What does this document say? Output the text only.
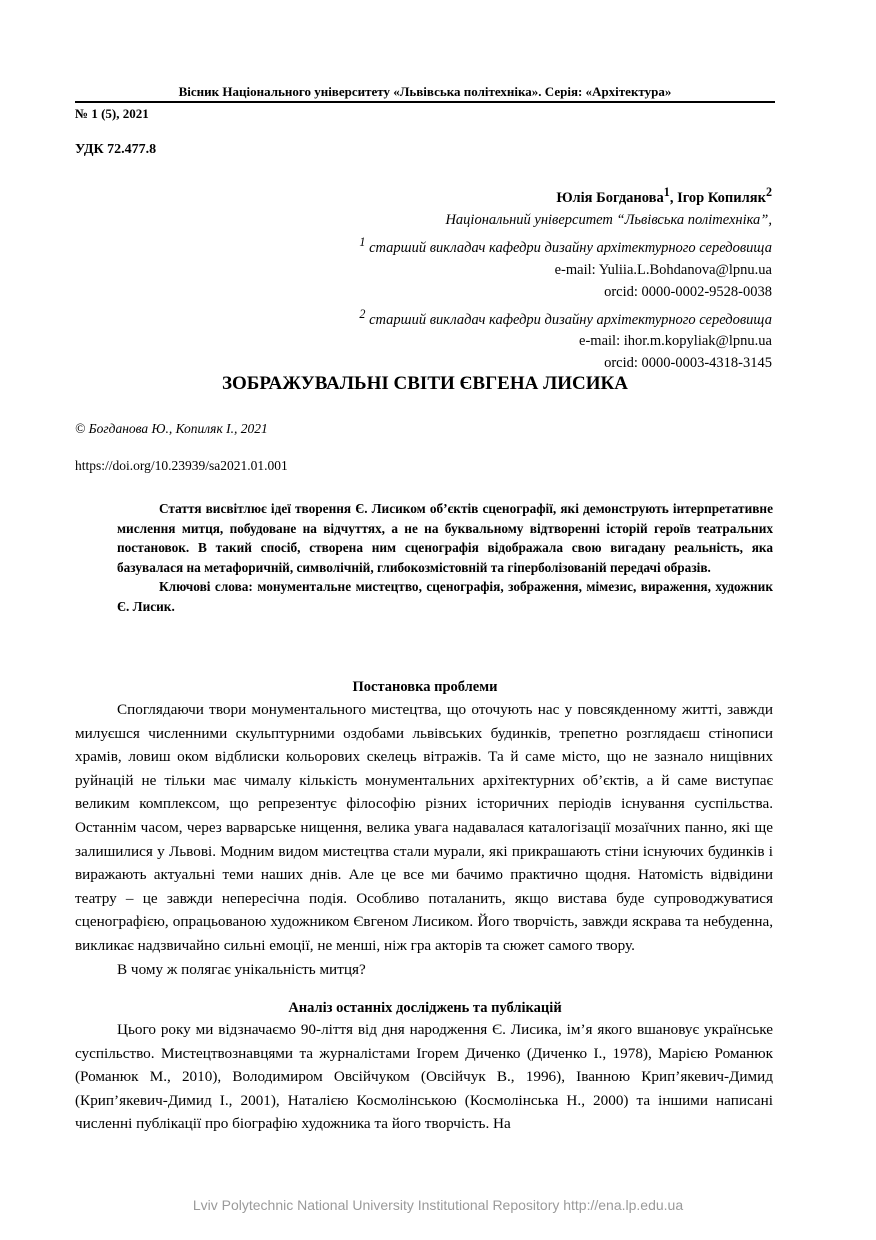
Вісник Національного університету «Львівська політехніка». Серія: «Архітектура»
№ 1 (5), 2021
УДК 72.477.8
Юлія Богданова$^1$, Ігор Копиляк$^2$
Національний університет “Львівська політехніка”,
$^1$ старший викладач кафедри дизайну архітектурного середовища
e-mail: Yuliia.L.Bohdanova@lpnu.ua
orcid: 0000-0002-9528-0038
$^2$ старший викладач кафедри дизайну архітектурного середовища
e-mail: ihor.m.kopyliak@lpnu.ua
orcid: 0000-0003-4318-3145
ЗОБРАЖУВАЛЬНІ СВІТИ ЄВГЕНА ЛИСИКА
© Богданова Ю., Копиляк І., 2021
https://doi.org/10.23939/sa2021.01.001

Стаття висвітлює ідеї творення Є. Лисиком об’єктів сценографії, які демонструють інтерпретативне мислення митця, побудоване на відчуттях, а не на буквальному відтворенні історій героїв театральних постановок. В такий спосіб, створена ним сценографія відображала свою вигадану реальність, яка базувалася на метафоричній, символічній, глибокозмістовній та гіперболізованій передачі образів.

Ключові слова: монументальне мистецтво, сценографія, зображення, мімезис, вираження, художник Є. Лисик.

Постановка проблеми

Споглядаючи твори монументального мистецтва, що оточують нас у повсякденному житті, завжди милуєшся численними скульптурними оздобами львівських будинків, трепетно розглядаєш стінописи храмів, ловиш оком відблиски кольорових скелець вітражів. Та й саме місто, що не зазнало нищівних руйнацій не тільки має чималу кількість монументальних архітектурних об’єктів, а й саме виступає великим комплексом, що репрезентує філософію різних історичних періодів існування суспільства. Останнім часом, через варварське нищення, велика увага надавалася каталогізації мозаїчних панно, які ще залишилися у Львові. Модним видом мистецтва стали мурали, які прикрашають стіни існуючих будинків і виражають актуальні теми наших днів. Але це все ми бачимо практично щодня. Натомість відвідини театру – це завжди непересічна подія. Особливо поталанить, якщо вистава буде супроводжуватися сценографією, опрацьованою художником Євгеном Лисиком. Його творчість, завжди яскрава та небуденна, викликає надзвичайно сильні емоції, не менші, ніж гра акторів та сюжет самого твору.

В чому ж полягає унікальність митця?

Аналіз останніх досліджень та публікацій

Цього року ми відзначаємо 90-ліття від дня народження Є. Лисика, ім’я якого вшановує українське суспільство. Мистецтвознавцями та журналістами Ігорем Диченко (Диченко І., 1978), Марією Романюк (Романюк М., 2010), Володимиром Овсійчуком (Овсійчук В., 1996), Іванною Крип’якевич-Димид (Крип’якевич-Димид І., 2001), Наталією Космолінською (Космолінська Н., 2000) та іншими написані численні публікації про біографію художника та його творчість. На

Lviv Polytechnic National University Institutional Repository http://ena.lp.edu.ua
